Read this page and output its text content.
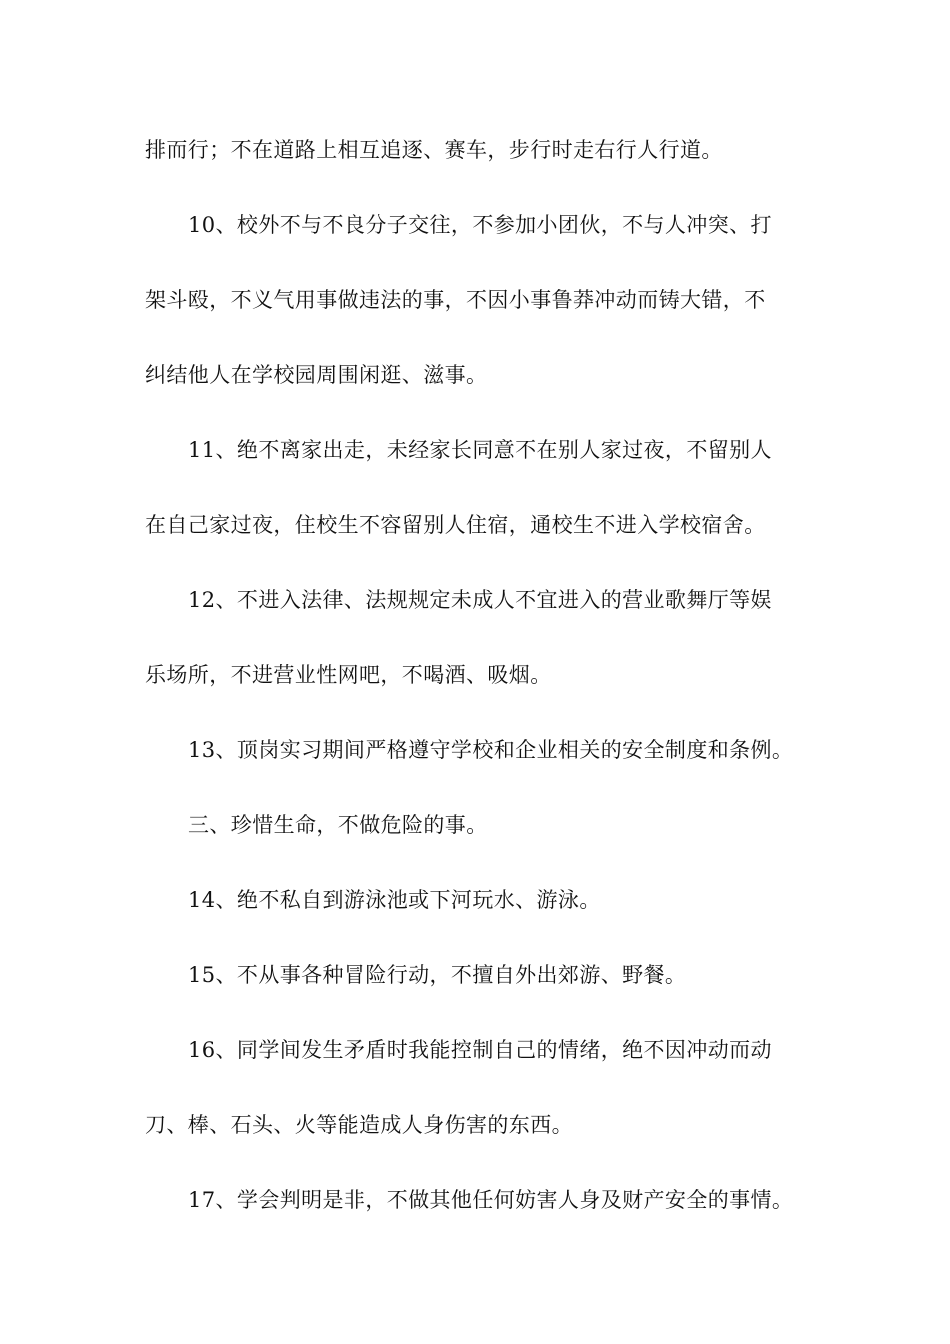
排而行；不在道路上相互追逐、赛车，步行时走右行人行道。
10、校外不与不良分子交往，不参加小团伙，不与人冲突、打
架斗殴，不义气用事做违法的事，不因小事鲁莽冲动而铸大错，不
纠结他人在学校园周围闲逛、滋事。
11、绝不离家出走，未经家长同意不在别人家过夜，不留别人
在自己家过夜，住校生不容留别人住宿，通校生不进入学校宿舍。
12、不进入法律、法规规定未成人不宜进入的营业歌舞厅等娱
乐场所，不进营业性网吧，不喝酒、吸烟。
13、顶岗实习期间严格遵守学校和企业相关的安全制度和条例。
三、珍惜生命，不做危险的事。
14、绝不私自到游泳池或下河玩水、游泳。
15、不从事各种冒险行动，不擅自外出郊游、野餐。
16、同学间发生矛盾时我能控制自己的情绪，绝不因冲动而动
刀、棒、石头、火等能造成人身伤害的东西。
17、学会判明是非，不做其他任何妨害人身及财产安全的事情。
